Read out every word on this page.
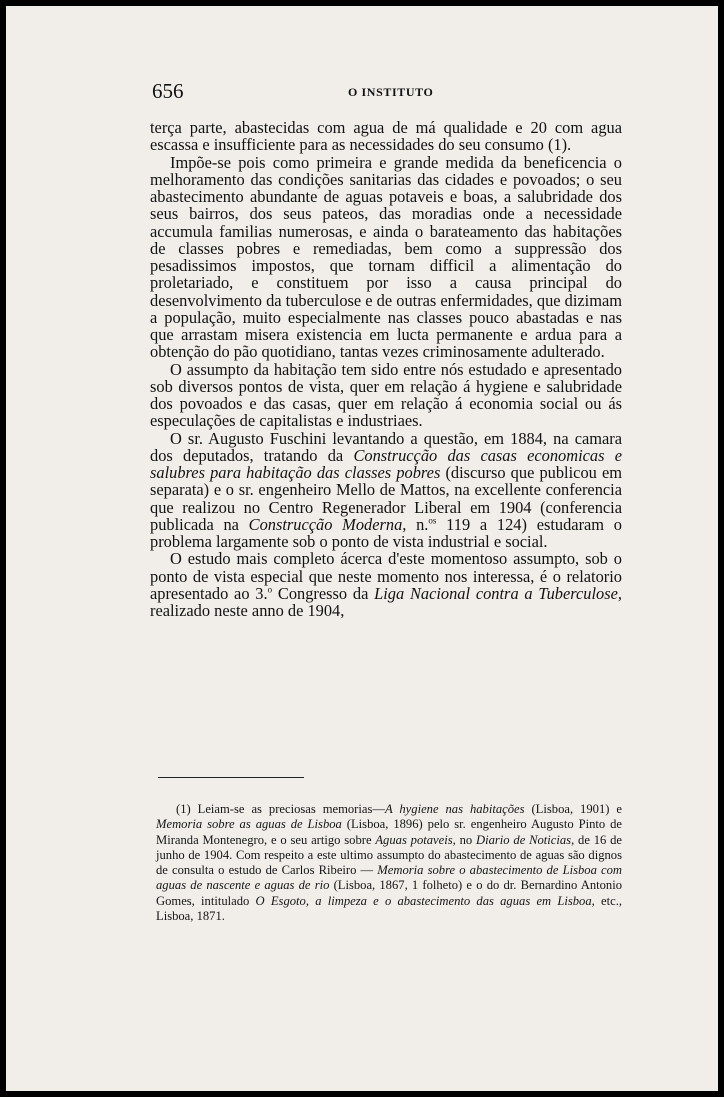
656	O INSTITUTO

terça parte, abastecidas com agua de má qualidade e 20 com agua escassa e insufficiente para as necessidades do seu consumo (1).

Impõe-se pois como primeira e grande medida da beneficencia o melhoramento das condições sanitarias das cidades e povoados; o seu abastecimento abundante de aguas potaveis e boas, a salubridade dos seus bairros, dos seus pateos, das moradias onde a necessidade accumula familias numerosas, e ainda o barateamento das habitações de classes pobres e remediadas, bem como a suppressão dos pesadissimos impostos, que tornam difficil a alimentação do proletariado, e constituem por isso a causa principal do desenvolvimento da tuberculose e de outras enfermidades, que dizimam a população, muito especialmente nas classes pouco abastadas e nas que arrastam misera existencia em lucta permanente e ardua para a obtenção do pão quotidiano, tantas vezes criminosamente adulterado.

O assumpto da habitação tem sido entre nós estudado e apresentado sob diversos pontos de vista, quer em relação á hygiene e salubridade dos povoados e das casas, quer em relação á economia social ou ás especulações de capitalistas e industriaes.

O sr. Augusto Fuschini levantando a questão, em 1884, na camara dos deputados, tratando da Construcção das casas economicas e salubres para habitação das classes pobres (discurso que publicou em separata) e o sr. engenheiro Mello de Mattos, na excellente conferencia que realizou no Centro Regenerador Liberal em 1904 (conferencia publicada na Construcção Moderna, n.$^{os}$ 119 a 124) estudaram o problema largamente sob o ponto de vista industrial e social.

O estudo mais completo ácerca d'este momentoso assumpto, sob o ponto de vista especial que neste momento nos interessa, é o relatorio apresentado ao 3.$^o$ Congresso da Liga Nacional contra a Tuberculose, realizado neste anno de 1904,

(1) Leiam-se as preciosas memorias—A hygiene nas habitações (Lisboa, 1901) e Memoria sobre as aguas de Lisboa (Lisboa, 1896) pelo sr. engenheiro Augusto Pinto de Miranda Montenegro, e o seu artigo sobre Aguas potaveis, no Diario de Noticias, de 16 de junho de 1904. Com respeito a este ultimo assumpto do abastecimento de aguas são dignos de consulta o estudo de Carlos Ribeiro — Memoria sobre o abastecimento de Lisboa com aguas de nascente e aguas de rio (Lisboa, 1867, 1 folheto) e o do dr. Bernardino Antonio Gomes, intitulado O Esgoto, a limpeza e o abastecimento das aguas em Lisboa, etc., Lisboa, 1871.
